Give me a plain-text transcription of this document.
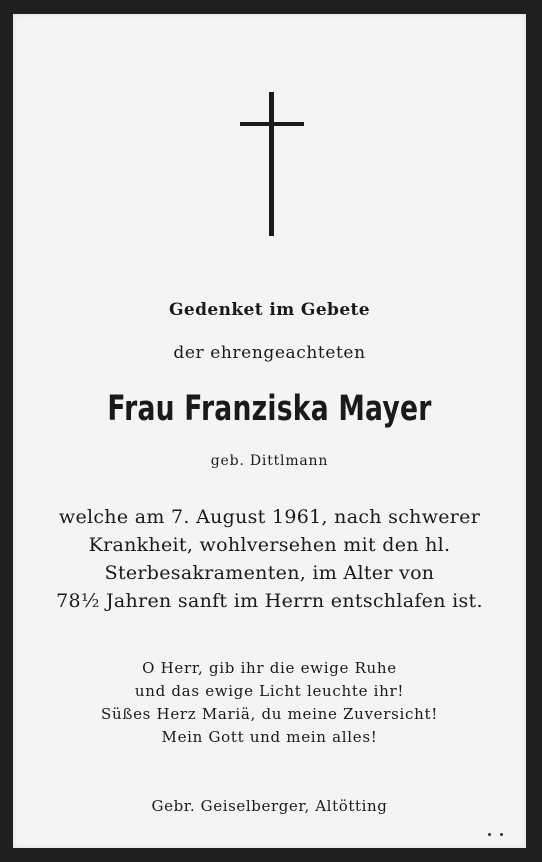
Gedenket im Gebete
der ehrengeachteten
Frau Franziska Mayer
geb. Dittlmann
welche am 7. August 1961, nach schwerer
Krankheit, wohlversehen mit den hl.
Sterbesakramenten, im Alter von
78½ Jahren sanft im Herrn entschlafen ist.
O Herr, gib ihr die ewige Ruhe
und das ewige Licht leuchte ihr!
Süßes Herz Mariä, du meine Zuversicht!
Mein Gott und mein alles!
Gebr. Geiselberger, Altötting
